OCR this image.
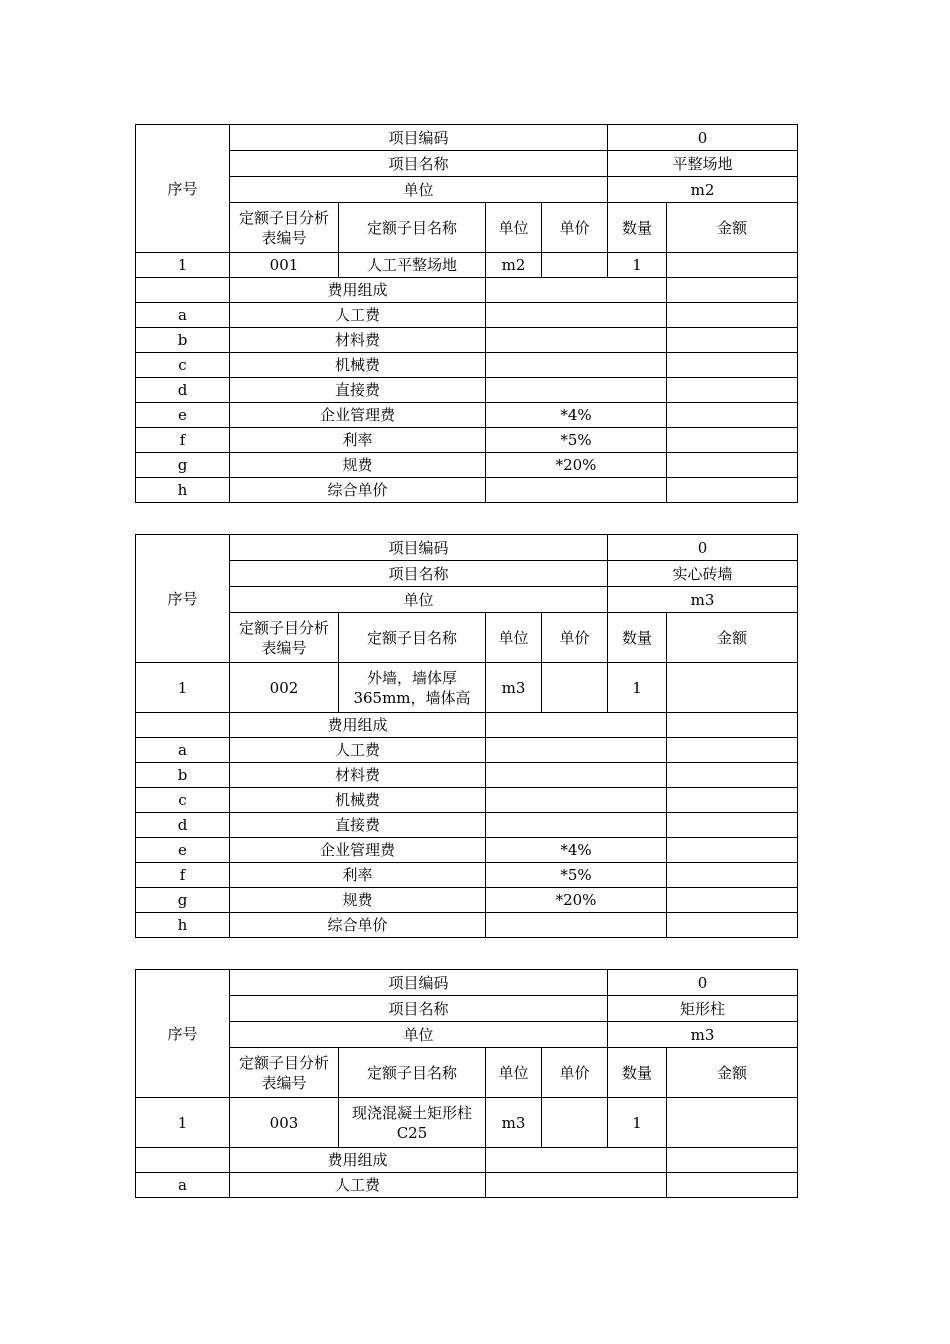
序号	项目编码				0	
	项目名称				平整场地	
	单位				m2	
	定额子目分析表编号	定额子目名称	单位	单价	数量	金额
1	001	人工平整场地	m2		1	
	费用组成					
a	人工费					
b	材料费					
c	机械费					
d	直接费					
e	企业管理费		*4%			
f	利率		*5%			
g	规费		*20%			
h	综合单价					
序号	项目编码				0	
	项目名称				实心砖墙	
	单位				m3	
	定额子目分析表编号	定额子目名称	单位	单价	数量	金额
1	002	外墙，墙体厚365mm，墙体高	m3		1	
	费用组成					
a	人工费					
b	材料费					
c	机械费					
d	直接费					
e	企业管理费		*4%			
f	利率		*5%			
g	规费		*20%			
h	综合单价					
序号	项目编码				0	
	项目名称				矩形柱	
	单位				m3	
	定额子目分析表编号	定额子目名称	单位	单价	数量	金额
1	003	现浇混凝土矩形柱 C25	m3		1	
	费用组成					
a	人工费					
